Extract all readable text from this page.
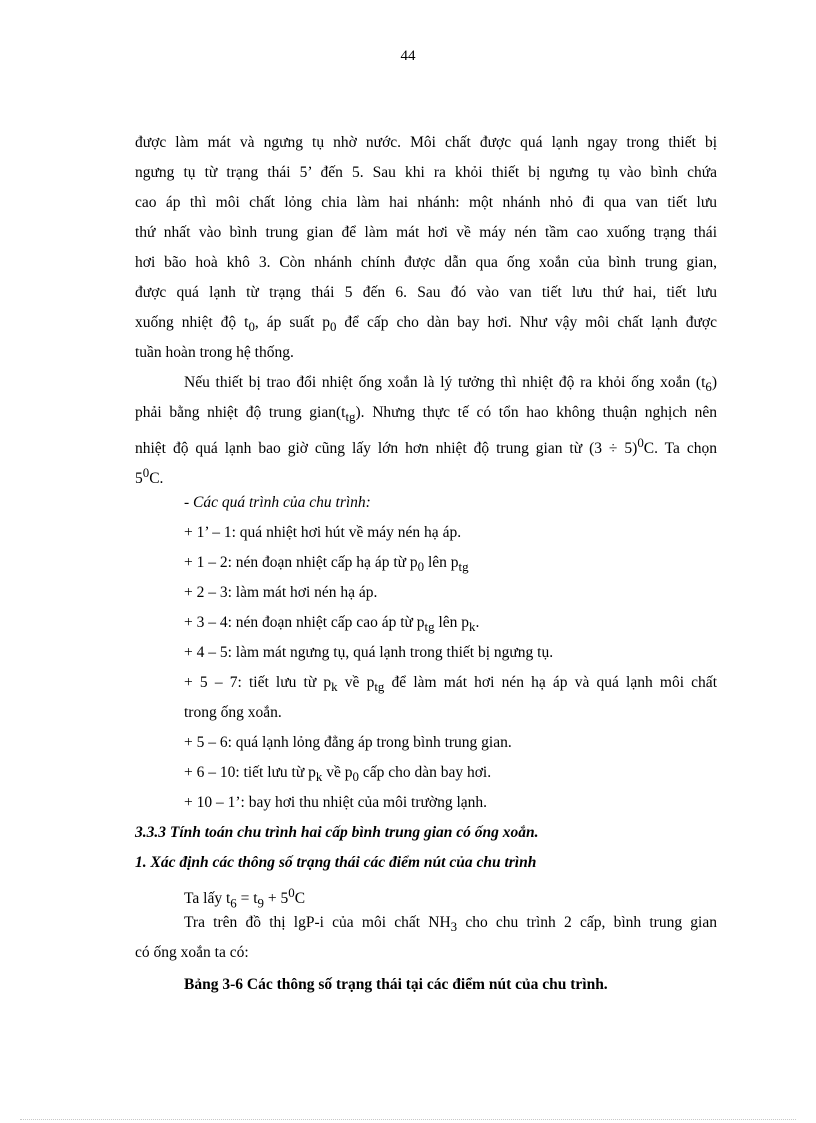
44
được làm mát và ngưng tụ nhờ nước. Môi chất được quá lạnh ngay trong thiết bị
ngưng tụ từ trạng thái 5’ đến 5. Sau khi ra khỏi thiết bị ngưng tụ vào bình chứa
cao áp thì môi chất lỏng chia làm hai nhánh: một nhánh nhỏ đi qua van tiết lưu
thứ nhất vào bình trung gian để làm mát hơi về máy nén tầm cao xuống trạng thái
hơi bão hoà khô 3. Còn nhánh chính được dẫn qua ống xoắn của bình trung gian,
được quá lạnh từ trạng thái 5 đến 6. Sau đó vào van tiết lưu thứ hai, tiết lưu
xuống nhiệt độ $t_0$, áp suất $p_0$ để cấp cho dàn bay hơi. Như vậy môi chất lạnh được
tuần hoàn trong hệ thống.
Nếu thiết bị trao đổi nhiệt ống xoắn là lý tưởng thì nhiệt độ ra khỏi ống xoắn $(t_6)$
phải bằng nhiệt độ trung $gian(t_{tg})$. Nhưng thực tế có tổn hao không thuận nghịch nên
nhiệt độ quá lạnh bao giờ cũng lấy lớn hơn nhiệt độ trung gian từ $(3 \div 5)^0C$. Ta chọn
$5^0C$.
- Các quá trình của chu trình:
+ 1’ – 1: quá nhiệt hơi hút về máy nén hạ áp.
+ 1 – 2: nén đoạn nhiệt cấp hạ áp từ $p_0$ lên $p_{tg}$
+ 2 – 3: làm mát hơi nén hạ áp.
+ 3 – 4: nén đoạn nhiệt cấp cao áp từ $p_{tg}$ lên $p_k$.
+ 4 – 5: làm mát ngưng tụ, quá lạnh trong thiết bị ngưng tụ.
+ 5 – 7: tiết lưu từ $p_k$ về $p_{tg}$ để làm mát hơi nén hạ áp và quá lạnh môi chất
trong ống xoắn.
+ 5 – 6: quá lạnh lỏng đẳng áp trong bình trung gian.
+ 6 – 10: tiết lưu từ $p_k$ về $p_0$ cấp cho dàn bay hơi.
+ 10 – 1’: bay hơi thu nhiệt của môi trường lạnh.
3.3.3 Tính toán chu trình hai cấp bình trung gian có ống xoắn.
1. Xác định các thông số trạng thái các điểm nút của chu trình
Ta lấy $t_6 = t_9 + 5^0C$
Tra trên đồ thị lgP-i của môi chất $NH_3$ cho chu trình 2 cấp, bình trung gian
có ống xoắn ta có:
Bảng 3-6 Các thông số trạng thái tại các điểm nút của chu trình.
